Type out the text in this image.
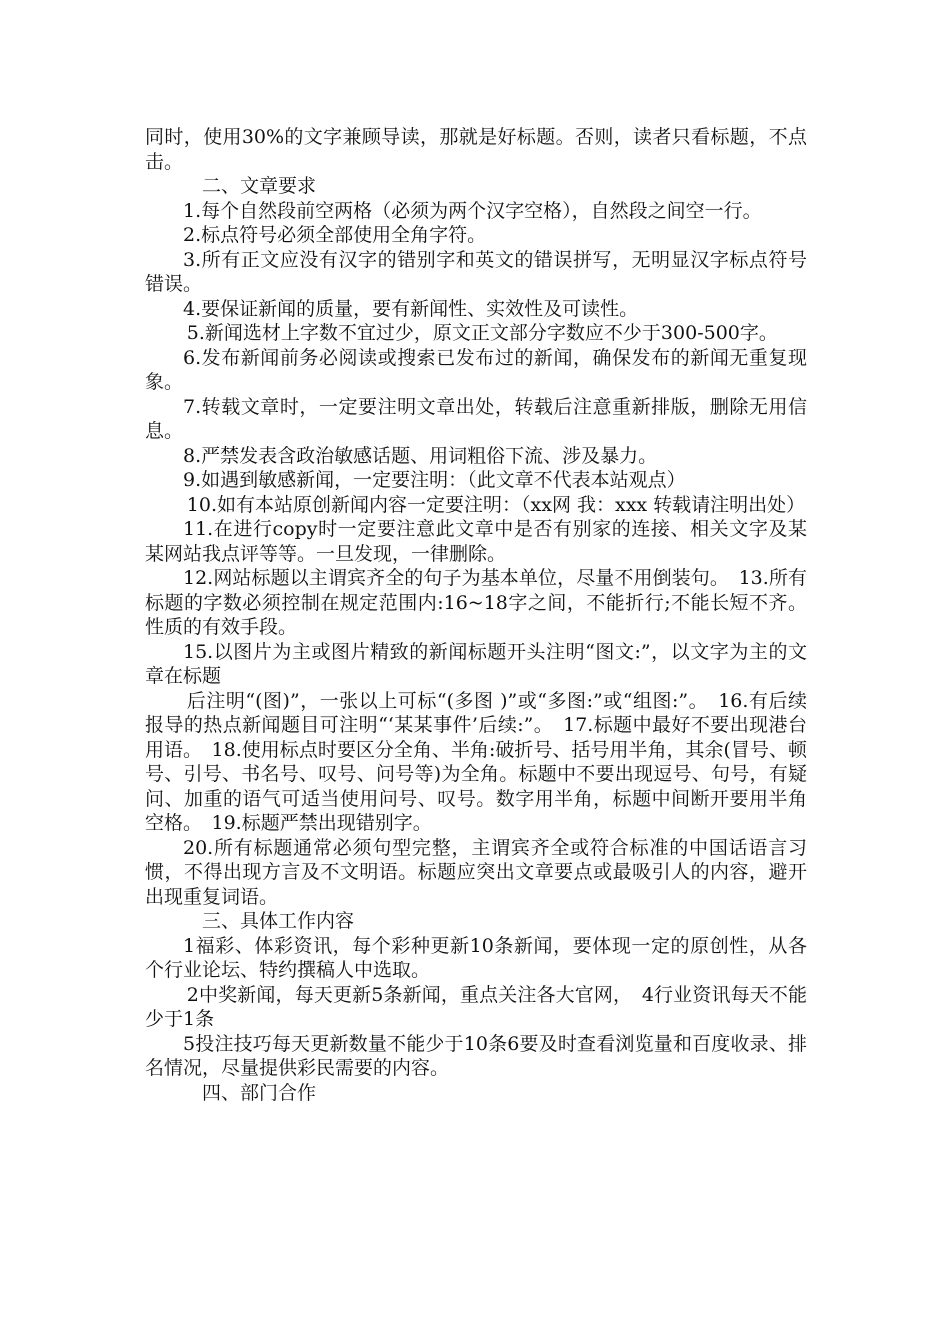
同时，使用30%的文字兼顾导读，那就是好标题。否则，读者只看标题，不点击。

二、文章要求

1.每个自然段前空两格（必须为两个汉字空格），自然段之间空一行。

2.标点符号必须全部使用全角字符。

3.所有正文应没有汉字的错别字和英文的错误拼写，无明显汉字标点符号错误。

4.要保证新闻的质量，要有新闻性、实效性及可读性。

5.新闻选材上字数不宜过少，原文正文部分字数应不少于300-500字。

6.发布新闻前务必阅读或搜索已发布过的新闻，确保发布的新闻无重复现象。

7.转载文章时，一定要注明文章出处，转载后注意重新排版，删除无用信息。

8.严禁发表含政治敏感话题、用词粗俗下流、涉及暴力。

9.如遇到敏感新闻，一定要注明：（此文章不代表本站观点）

10.如有本站原创新闻内容一定要注明：（xx网 我：xxx 转载请注明出处）

11.在进行copy时一定要注意此文章中是否有别家的连接、相关文字及某某网站我点评等等。一旦发现，一律删除。

12.网站标题以主谓宾齐全的句子为基本单位，尽量不用倒装句。　13.所有标题的字数必须控制在规定范围内:16~18字之间，不能折行;不能长短不齐。 性质的有效手段。

15.以图片为主或图片精致的新闻标题开头注明“图文:”，以文字为主的文章在标题

后注明“(图)”，一张以上可标“(多图 )”或“多图:”或“组图:”。　16.有后续报导的热点新闻题目可注明“‘某某事件’后续:”。　17.标题中最好不要出现港台用语。　18.使用标点时要区分全角、半角:破折号、括号用半角，其余(冒号、顿号、引号、书名号、叹号、问号等)为全角。标题中不要出现逗号、句号，有疑问、加重的语气可适当使用问号、叹号。数字用半角，标题中间断开要用半角空格。　19.标题严禁出现错别字。

20.所有标题通常必须句型完整，主谓宾齐全或符合标准的中国话语言习惯，不得出现方言及不文明语。标题应突出文章要点或最吸引人的内容，避开出现重复词语。

三、具体工作内容

1福彩、体彩资讯，每个彩种更新10条新闻，要体现一定的原创性，从各个行业论坛、特约撰稿人中选取。

2中奖新闻，每天更新5条新闻，重点关注各大官网，　4行业资讯每天不能少于1条

5投注技巧每天更新数量不能少于10条6要及时查看浏览量和百度收录、排名情况，尽量提供彩民需要的内容。

四、部门合作
